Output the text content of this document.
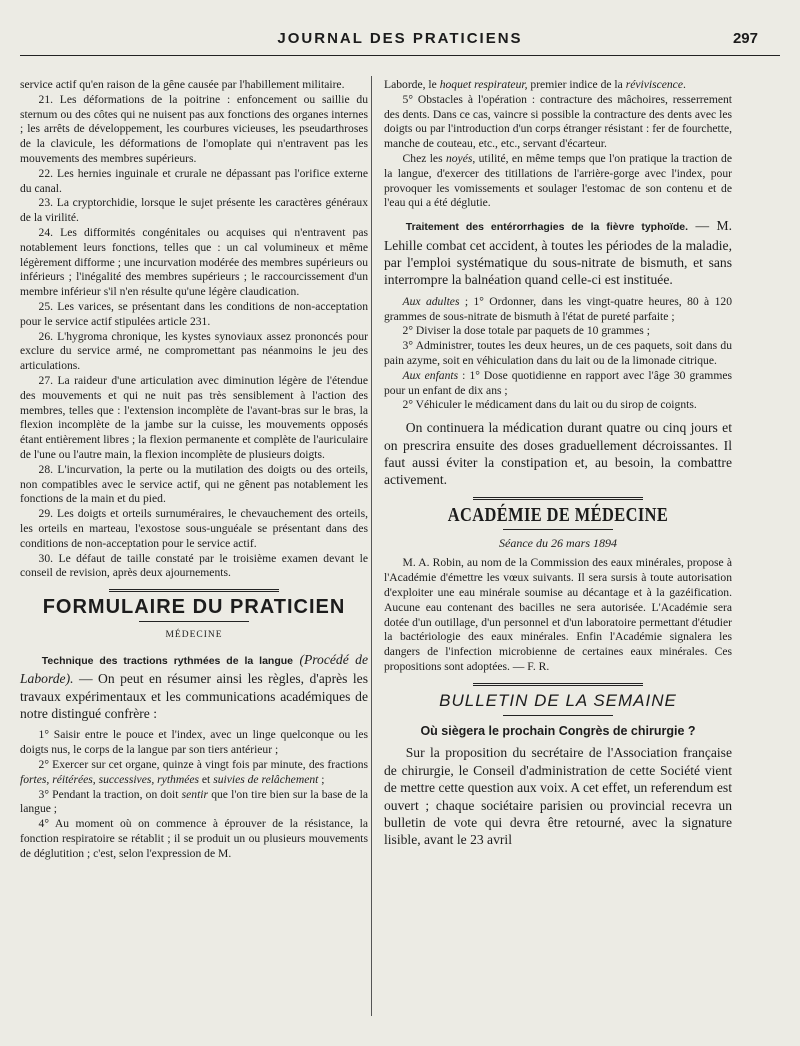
JOURNAL DES PRATICIENS	297

service actif qu'en raison de la gêne causée par l'habillement militaire.

21. Les déformations de la poitrine : enfoncement ou saillie du sternum ou des côtes qui ne nuisent pas aux fonctions des organes internes ; les arrêts de développement, les courbures vicieuses, les pseudarthroses de la clavicule, les déformations de l'omoplate qui n'entravent pas les mouvements des membres supérieurs.

22. Les hernies inguinale et crurale ne dépassant pas l'orifice externe du canal.

23. La cryptorchidie, lorsque le sujet présente les caractères généraux de la virilité.

24. Les difformités congénitales ou acquises qui n'entravent pas notablement leurs fonctions, telles que : un cal volumineux et même légèrement difforme ; une incurvation modérée des membres supérieurs ou inférieurs ; l'inégalité des membres supérieurs ; le raccourcissement d'un membre inférieur s'il n'en résulte qu'une légère claudication.

25. Les varices, se présentant dans les conditions de non-acceptation pour le service actif stipulées article 231.

26. L'hygroma chronique, les kystes synoviaux assez prononcés pour exclure du service armé, ne compromettant pas néanmoins le jeu des articulations.

27. La raideur d'une articulation avec diminution légère de l'étendue des mouvements et qui ne nuit pas très sensiblement à l'action des membres, telles que : l'extension incomplète de l'avant-bras sur le bras, la flexion incomplète de la jambe sur la cuisse, les mouvements opposés étant entièrement libres ; la flexion permanente et complète de l'auriculaire de l'une ou l'autre main, la flexion incomplète de plusieurs doigts.

28. L'incurvation, la perte ou la mutilation des doigts ou des orteils, non compatibles avec le service actif, qui ne gênent pas notablement les fonctions de la main et du pied.

29. Les doigts et orteils surnuméraires, le chevauchement des orteils, les orteils en marteau, l'exostose sous-unguéale se présentant dans des conditions de non-acceptation pour le service actif.

30. Le défaut de taille constaté par le troisième examen devant le conseil de revision, après deux ajournements.

FORMULAIRE DU PRATICIEN
MÉDECINE

Technique des tractions rythmées de la langue (Procédé de Laborde). — On peut en résumer ainsi les règles, d'après les travaux expérimentaux et les communications académiques de notre distingué confrère :

1° Saisir entre le pouce et l'index, avec un linge quelconque ou les doigts nus, le corps de la langue par son tiers antérieur ;

2° Exercer sur cet organe, quinze à vingt fois par minute, des fractions fortes, réitérées, successives, rythmées et suivies de relâchement ;

3° Pendant la traction, on doit sentir que l'on tire bien sur la base de la langue ;

4° Au moment où on commence à éprouver de la résistance, la fonction respiratoire se rétablit ; il se produit un ou plusieurs mouvements de déglutition ; c'est, selon l'expression de M.

Laborde, le hoquet respirateur, premier indice de la réviviscence.

5° Obstacles à l'opération : contracture des mâchoires, resserrement des dents. Dans ce cas, vaincre si possible la contracture des dents avec les doigts ou par l'introduction d'un corps étranger résistant : fer de fourchette, manche de couteau, etc., etc., servant d'écarteur.

Chez les noyés, utilité, en même temps que l'on pratique la traction de la langue, d'exercer des titillations de l'arrière-gorge avec l'index, pour provoquer les vomissements et soulager l'estomac de son contenu et de l'eau qui a été déglutie.

Traitement des entérorrhagies de la fièvre typhoïde. — M. Lehille combat cet accident, à toutes les périodes de la maladie, par l'emploi systématique du sous-nitrate de bismuth, et sans interrompre la balnéation quand celle-ci est instituée.

Aux adultes ; 1° Ordonner, dans les vingt-quatre heures, 80 à 120 grammes de sous-nitrate de bismuth à l'état de pureté parfaite ;

2° Diviser la dose totale par paquets de 10 grammes ;

3° Administrer, toutes les deux heures, un de ces paquets, soit dans du pain azyme, soit en véhiculation dans du lait ou de la limonade citrique.

Aux enfants : 1° Dose quotidienne en rapport avec l'âge 30 grammes pour un enfant de dix ans ;

2° Véhiculer le médicament dans du lait ou du sirop de coignts.

On continuera la médication durant quatre ou cinq jours et on prescrira ensuite des doses graduellement décroissantes. Il faut aussi éviter la constipation et, au besoin, la combattre activement.

ACADÉMIE DE MÉDECINE
Séance du 26 mars 1894

M. A. Robin, au nom de la Commission des eaux minérales, propose à l'Académie d'émettre les vœux suivants. Il sera sursis à toute autorisation d'exploiter une eau minérale soumise au décantage et à la gazéification. Aucune eau contenant des bacilles ne sera autorisée. L'Académie sera dotée d'un outillage, d'un personnel et d'un laboratoire permettant d'étudier la bactériologie des eaux minérales. Enfin l'Académie signalera les dangers de l'infection microbienne de certaines eaux minérales. Ces propositions sont adoptées. — F. R.

BULLETIN DE LA SEMAINE
Où siègera le prochain Congrès de chirurgie ?

Sur la proposition du secrétaire de l'Association française de chirurgie, le Conseil d'administration de cette Société vient de mettre cette question aux voix. A cet effet, un referendum est ouvert ; chaque sociétaire parisien ou provincial recevra un bulletin de vote qui devra être retourné, avec la signature lisible, avant le 23 avril
